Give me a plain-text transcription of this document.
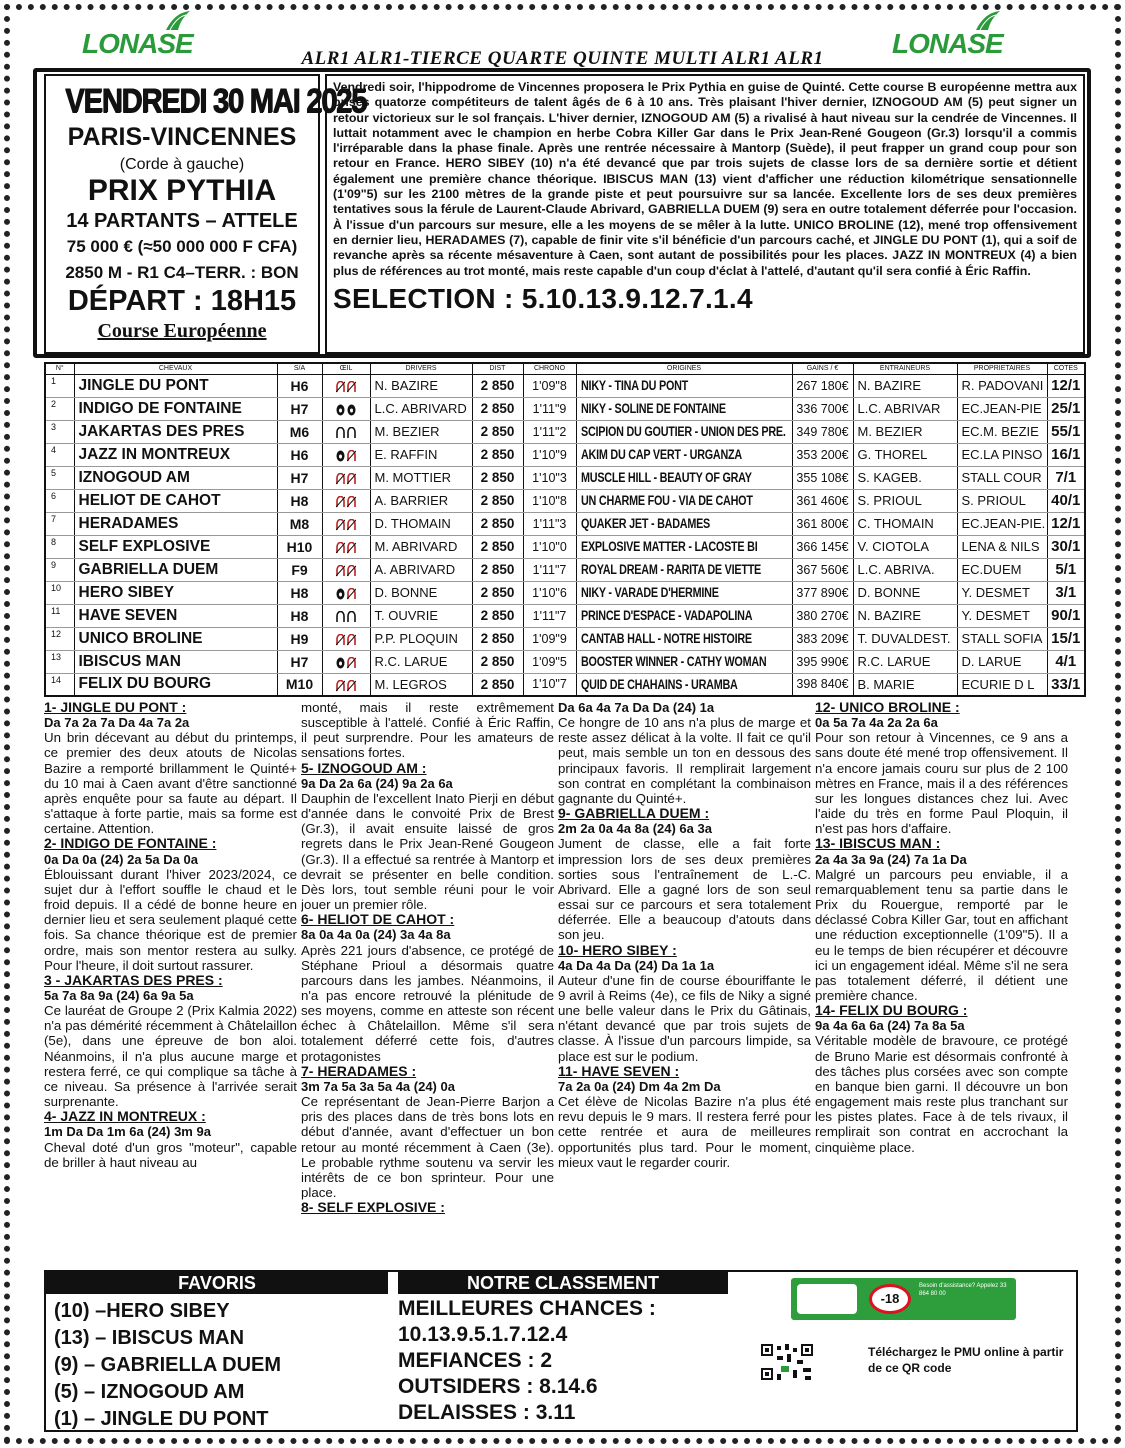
LONASE	LONASE
ALR1 ALR1-TIERCE QUARTE QUINTE MULTI ALR1 ALR1
VENDREDI 30 MAI 2025
PARIS-VINCENNES
(Corde à gauche)
PRIX PYTHIA
14 PARTANTS – ATTELE
75 000 € (≈50 000 000 F CFA)
2850 M - R1 C4–TERR. : BON
DÉPART : 18H15
Course Européenne
Vendredi soir, l'hippodrome de Vincennes proposera le Prix Pythia en guise de Quinté. Cette course B européenne mettra aux prises quatorze compétiteurs de talent âgés de 6 à 10 ans. Très plaisant l'hiver dernier, IZNOGOUD AM (5) peut signer un retour victorieux sur le sol français. L'hiver dernier, IZNOGOUD AM (5) a rivalisé à haut niveau sur la cendrée de Vincennes. Il luttait notamment avec le champion en herbe Cobra Killer Gar dans le Prix Jean-René Gougeon (Gr.3) lorsqu'il a commis l'irréparable dans la phase finale. Après une rentrée nécessaire à Mantorp (Suède), il peut frapper un grand coup pour son retour en France. HERO SIBEY (10) n'a été devancé que par trois sujets de classe lors de sa dernière sortie et détient également une première chance théorique. IBISCUS MAN (13) vient d'afficher une réduction kilométrique sensationnelle (1'09"5) sur les 2100 mètres de la grande piste et peut poursuivre sur sa lancée. Excellente lors de ses deux premières tentatives sous la férule de Laurent-Claude Abrivard, GABRIELLA DUEM (9) sera en outre totalement déferrée pour l'occasion. À l'issue d'un parcours sur mesure, elle a les moyens de se mêler à la lutte. UNICO BROLINE (12), mené trop offensivement en dernier lieu, HERADAMES (7), capable de finir vite s'il bénéficie d'un parcours caché, et JINGLE DU PONT (1), qui a soif de revanche après sa récente mésaventure à Caen, sont autant de possibilités pour les places. JAZZ IN MONTREUX (4) a bien plus de références au trot monté, mais reste capable d'un coup d'éclat à l'attelé, d'autant qu'il sera confié à Éric Raffin.
SELECTION : 5.10.13.9.12.7.1.4
N°	CHEVAUX	S/A	ŒIL	DRIVERS	DIST	CHRONO	ORIGINES	GAINS / €	ENTRAINEURS	PROPRIETAIRES	COTES
1	JINGLE DU PONT	H6		N. BAZIRE	2 850	1'09"8	NIKY - TINA DU PONT	267 180€	N. BAZIRE	R. PADOVANI	12/1
2	INDIGO DE FONTAINE	H7		L.C. ABRIVARD	2 850	1'11"9	NIKY - SOLINE DE FONTAINE	336 700€	L.C. ABRIVAR	EC.JEAN-PIE	25/1
3	JAKARTAS DES PRES	M6		M. BEZIER	2 850	1'11"2	SCIPION DU GOUTIER - UNION DES PRE.	349 780€	M. BEZIER	EC.M. BEZIE	55/1
4	JAZZ IN MONTREUX	H6		E. RAFFIN	2 850	1'10"9	AKIM DU CAP VERT - URGANZA	353 200€	G. THOREL	EC.LA PINSO	16/1
5	IZNOGOUD AM	H7		M. MOTTIER	2 850	1'10"3	MUSCLE HILL - BEAUTY OF GRAY	355 108€	S. KAGEB.	STALL COUR	7/1
6	HELIOT DE CAHOT	H8		A. BARRIER	2 850	1'10"8	UN CHARME FOU - VIA DE CAHOT	361 460€	S. PRIOUL	S. PRIOUL	40/1
7	HERADAMES	M8		D. THOMAIN	2 850	1'11"3	QUAKER JET - BADAMES	361 800€	C. THOMAIN	EC.JEAN-PIE.	12/1
8	SELF EXPLOSIVE	H10		M. ABRIVARD	2 850	1'10"0	EXPLOSIVE MATTER - LACOSTE BI	366 145€	V. CIOTOLA	LENA & NILS	30/1
9	GABRIELLA DUEM	F9		A. ABRIVARD	2 850	1'11"7	ROYAL DREAM - RARITA DE VIETTE	367 560€	L.C. ABRIVA.	EC.DUEM	5/1
10	HERO SIBEY	H8		D. BONNE	2 850	1'10"6	NIKY - VARADE D'HERMINE	377 890€	D. BONNE	Y. DESMET	3/1
11	HAVE SEVEN	H8		T. OUVRIE	2 850	1'11"7	PRINCE D'ESPACE - VADAPOLINA	380 270€	N. BAZIRE	Y. DESMET	90/1
12	UNICO BROLINE	H9		P.P. PLOQUIN	2 850	1'09"9	CANTAB HALL - NOTRE HISTOIRE	383 209€	T. DUVALDEST.	STALL SOFIA	15/1
13	IBISCUS MAN	H7		R.C. LARUE	2 850	1'09"5	BOOSTER WINNER - CATHY WOMAN	395 990€	R.C. LARUE	D. LARUE	4/1
14	FELIX DU BOURG	M10		M. LEGROS	2 850	1'10"7	QUID DE CHAHAINS - URAMBA	398 840€	B. MARIE	ECURIE D L	33/1
1- JINGLE DU PONT :
Da 7a 2a 7a Da 4a 7a 2a

Un brin décevant au début du printemps, ce premier des deux atouts de Nicolas Bazire a remporté brillamment le Quinté+ du 10 mai à Caen avant d'être sanctionné après enquête pour sa faute au départ. Il s'attaque à forte partie, mais sa forme est certaine. Attention.

2- INDIGO DE FONTAINE :
0a Da 0a (24) 2a 5a Da 0a

Éblouissant durant l'hiver 2023/2024, ce sujet dur à l'effort souffle le chaud et le froid depuis. Il a cédé de bonne heure en dernier lieu et sera seulement plaqué cette fois. Sa chance théorique est de premier ordre, mais son mentor restera au sulky. Pour l'heure, il doit surtout rassurer.

3 - JAKARTAS DES PRES :
5a 7a 8a 9a (24) 6a 9a 5a

Ce lauréat de Groupe 2 (Prix Kalmia 2022) n'a pas démérité récemment à Châtelaillon (5e), dans une épreuve de bon aloi. Néanmoins, il n'a plus aucune marge et restera ferré, ce qui complique sa tâche à ce niveau. Sa présence à l'arrivée serait surprenante.

4- JAZZ IN MONTREUX :
1m Da Da 1m 6a (24) 3m 9a

Cheval doté d'un gros "moteur", capable de briller à haut niveau au

monté, mais il reste extrêmement susceptible à l'attelé. Confié à Éric Raffin, il peut surprendre. Pour les amateurs de sensations fortes.

5- IZNOGOUD AM :
9a Da 2a 6a (24) 9a 2a 6a

Dauphin de l'excellent Inato Pierji en début d'année dans le convoité Prix de Brest (Gr.3), il avait ensuite laissé de gros regrets dans le Prix Jean-René Gougeon (Gr.3). Il a effectué sa rentrée à Mantorp et devrait se présenter en belle condition. Dès lors, tout semble réuni pour le voir jouer un premier rôle.

6- HELIOT DE CAHOT :
8a 0a 4a 0a (24) 3a 4a 8a

Après 221 jours d'absence, ce protégé de Stéphane Prioul a désormais quatre parcours dans les jambes. Néanmoins, il n'a pas encore retrouvé la plénitude de ses moyens, comme en atteste son récent échec à Châtelaillon. Même s'il sera totalement déferré cette fois, d'autres protagonistes

7- HERADAMES :
3m 7a 5a 3a 5a 4a (24) 0a

Ce représentant de Jean-Pierre Barjon a pris des places dans de très bons lots en début d'année, avant d'effectuer un bon retour au monté récemment à Caen (3e). Le probable rythme soutenu va servir les intérêts de ce bon sprinteur. Pour une place.

8- SELF EXPLOSIVE :
Da 6a 4a 7a Da Da (24) 1a

Ce hongre de 10 ans n'a plus de marge et reste assez délicat à la volte. Il fait ce qu'il peut, mais semble un ton en dessous des principaux favoris. Il remplirait largement son contrat en complétant la combinaison gagnante du Quinté+.

9- GABRIELLA DUEM :
2m 2a 0a 4a 8a (24) 6a 3a

Jument de classe, elle a fait forte impression lors de ses deux premières sorties sous l'entraînement de L.-C. Abrivard. Elle a gagné lors de son seul essai sur ce parcours et sera totalement déferrée. Elle a beaucoup d'atouts dans son jeu.

10- HERO SIBEY :
4a Da 4a Da (24) Da 1a 1a

Auteur d'une fin de course ébouriffante le 9 avril à Reims (4e), ce fils de Niky a signé une belle valeur dans le Prix du Gâtinais, n'étant devancé que par trois sujets de classe. À l'issue d'un parcours limpide, sa place est sur le podium.

11- HAVE SEVEN :
7a 2a 0a (24) Dm 4a 2m Da

Cet élève de Nicolas Bazire n'a plus été revu depuis le 9 mars. Il restera ferré pour cette rentrée et aura de meilleures opportunités plus tard. Pour le moment, mieux vaut le regarder courir.

12- UNICO BROLINE :
0a 5a 7a 4a 2a 2a 6a

Pour son retour à Vincennes, ce 9 ans a sans doute été mené trop offensivement. Il n'a encore jamais couru sur plus de 2 100 mètres en France, mais il a des références sur les longues distances chez lui. Avec l'aide du très en forme Paul Ploquin, il n'est pas hors d'affaire.

13- IBISCUS MAN :
2a 4a 3a 9a (24) 7a 1a Da

Malgré un parcours peu enviable, il a remarquablement tenu sa partie dans le Prix du Rouergue, remporté par le déclassé Cobra Killer Gar, tout en affichant une réduction exceptionnelle (1'09"5). Il a eu le temps de bien récupérer et découvre ici un engagement idéal. Même s'il ne sera pas totalement déferré, il détient une première chance.

14- FELIX DU BOURG :
9a 4a 6a 6a (24) 7a 8a 5a

Véritable modèle de bravoure, ce protégé de Bruno Marie est désormais confronté à des tâches plus corsées avec son compte en banque bien garni. Il découvre un bon engagement mais reste plus tranchant sur les pistes plates. Face à de tels rivaux, il remplirait son contrat en accrochant la cinquième place.

FAVORIS	NOTRE CLASSEMENT
(10) –HERO SIBEY
(13) – IBISCUS MAN
(9) – GABRIELLA DUEM
(5) – IZNOGOUD AM
(1) – JINGLE DU PONT
MEILLEURES CHANCES :
10.13.9.5.1.7.12.4
MEFIANCES : 2
OUTSIDERS : 8.14.6
DELAISSES : 3.11
-18
Besoin d'assistance? Appelez 33 864 80 00
Téléchargez le PMU online à partir de ce QR code
